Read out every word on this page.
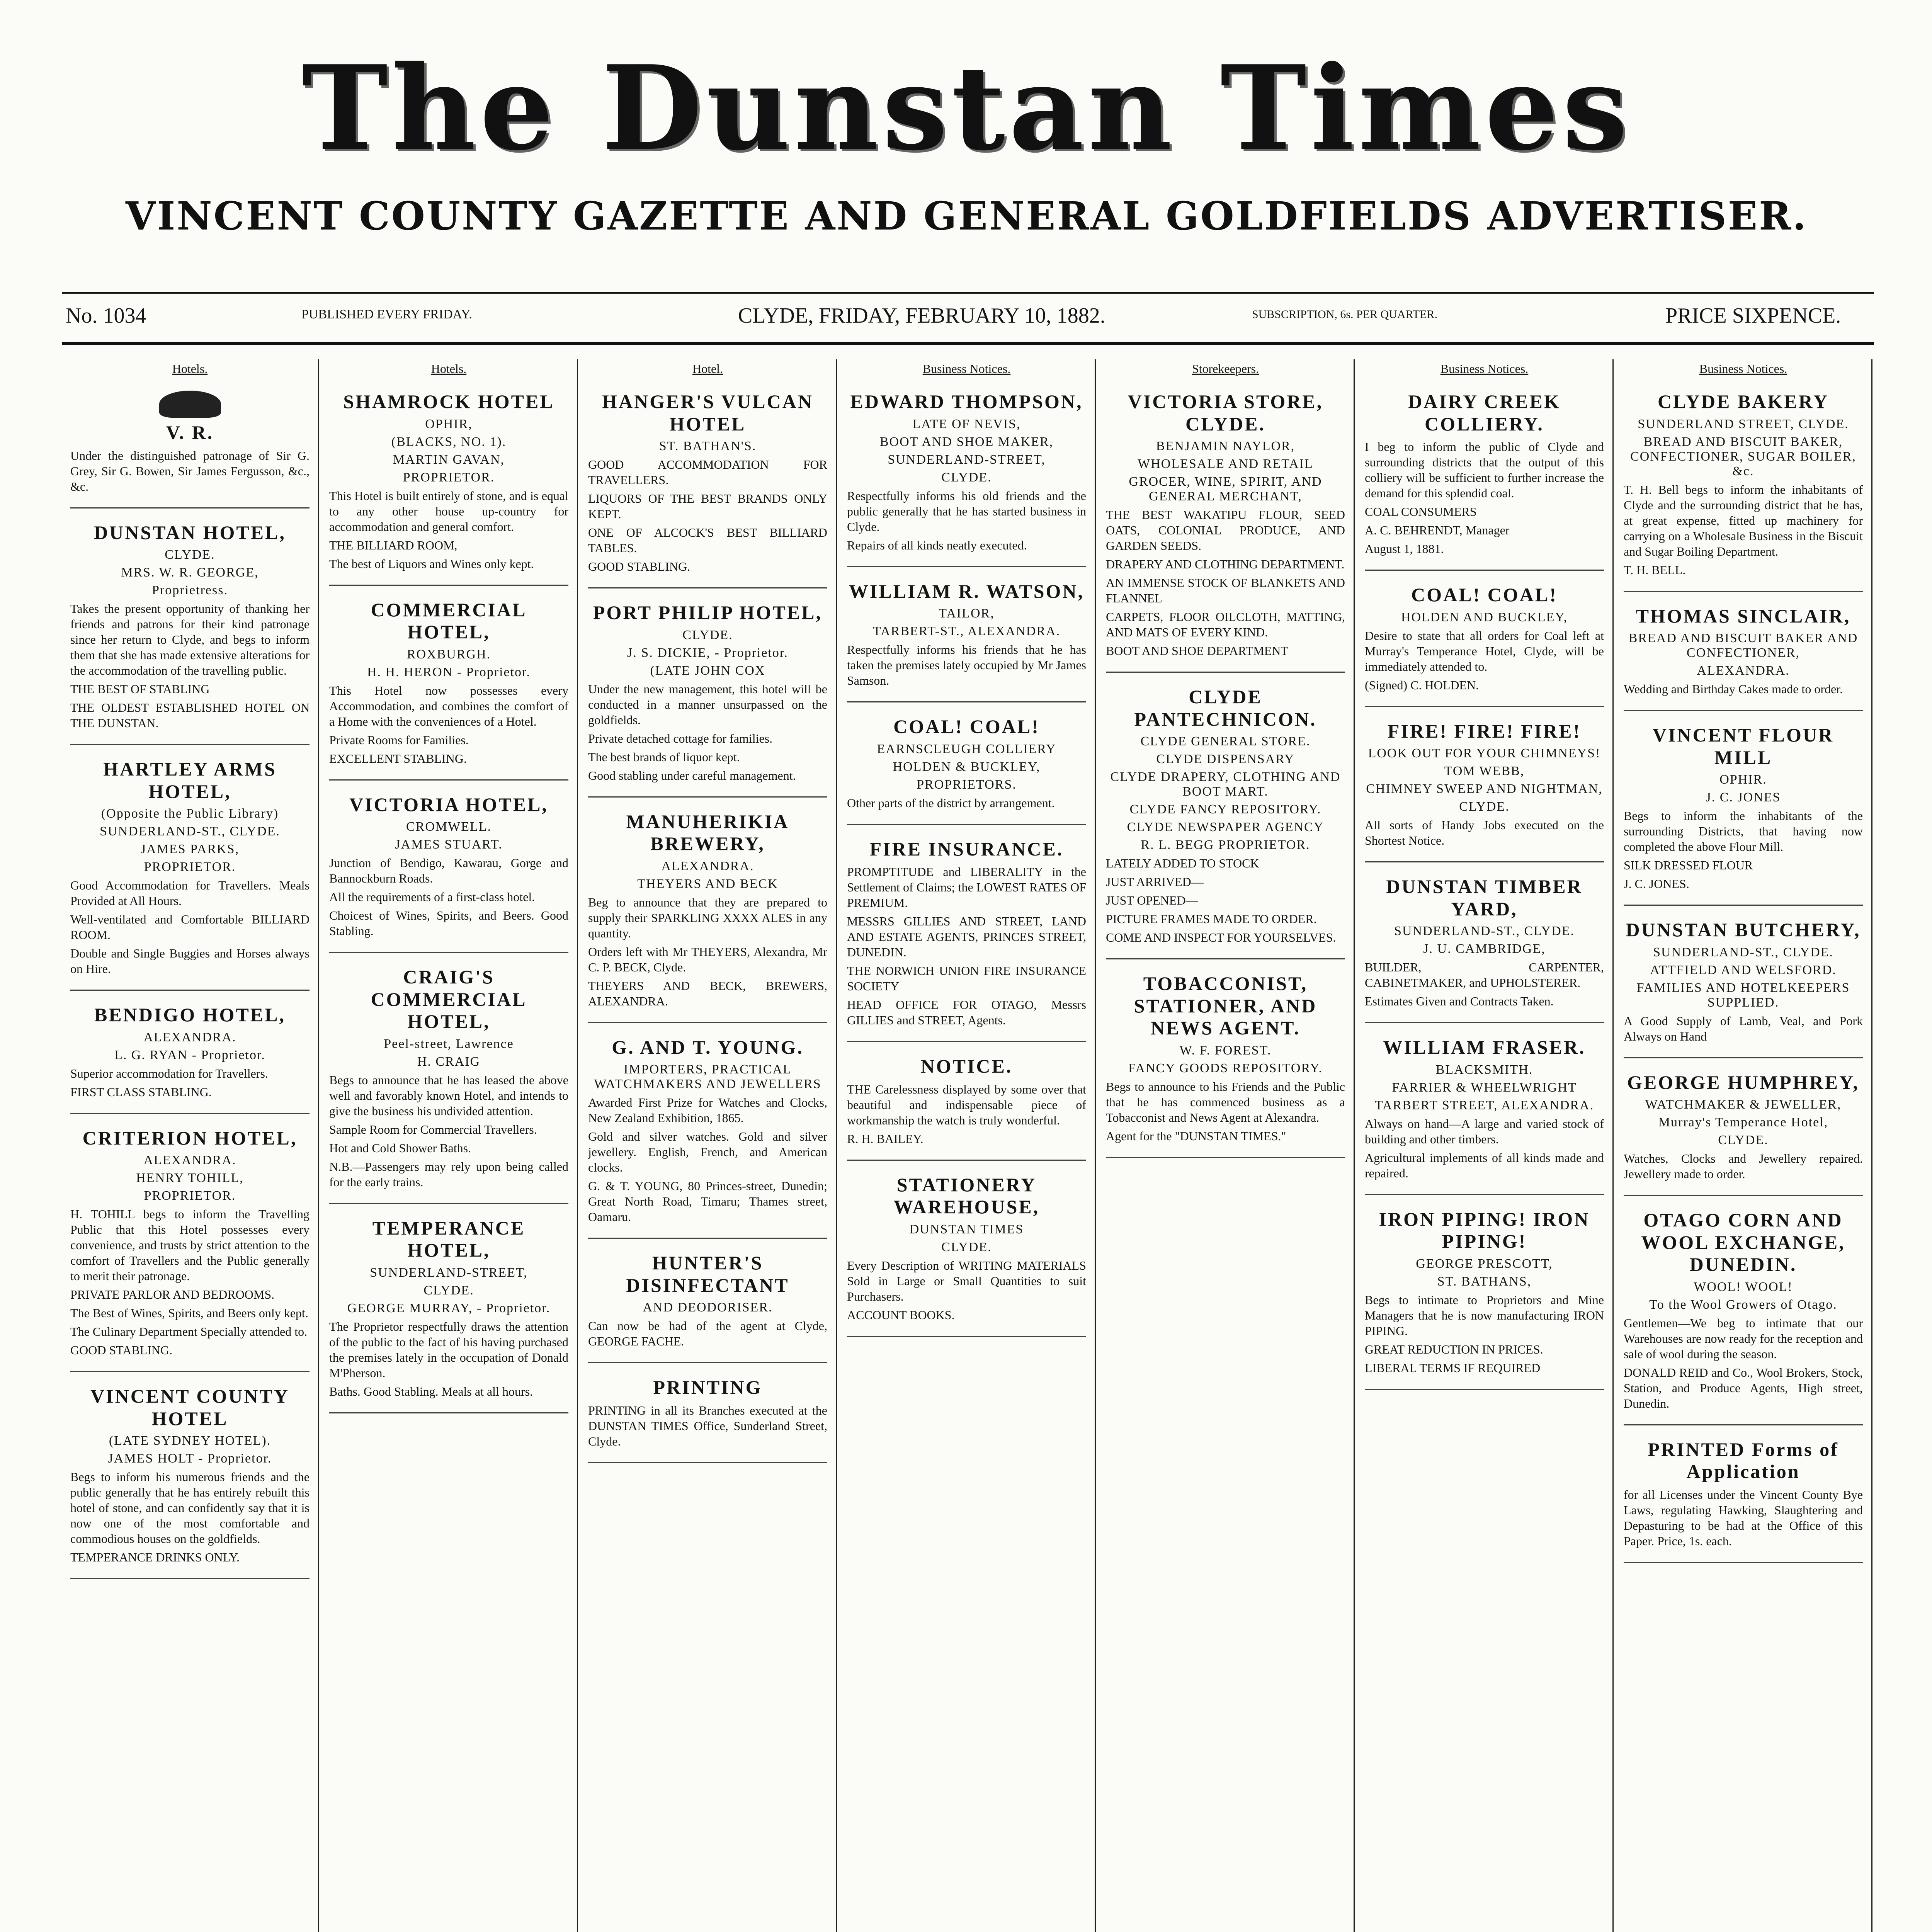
The Dunstan Times
VINCENT COUNTY GAZETTE AND GENERAL GOLDFIELDS ADVERTISER.
No. 1034	PUBLISHED EVERY FRIDAY.	CLYDE, FRIDAY, FEBRUARY 10, 1882.	SUBSCRIPTION, 6s. PER QUARTER.	PRICE SIXPENCE.
Hotels.
V. R.

Under the distinguished patronage of Sir G. Grey, Sir G. Bowen, Sir James Fergusson, &c., &c.

DUNSTAN HOTEL,
CLYDE.
MRS. W. R. GEORGE,
Proprietress.

Takes the present opportunity of thanking her friends and patrons for their kind patronage since her return to Clyde, and begs to inform them that she has made extensive alterations for the accommodation of the travelling public.

THE BEST OF STABLING

THE OLDEST ESTABLISHED HOTEL ON THE DUNSTAN.

HARTLEY ARMS HOTEL,
(Opposite the Public Library)
SUNDERLAND-ST., CLYDE.
JAMES PARKS,
PROPRIETOR.

Good Accommodation for Travellers. Meals Provided at All Hours.

Well-ventilated and Comfortable BILLIARD ROOM.

Double and Single Buggies and Horses always on Hire.

BENDIGO HOTEL,
ALEXANDRA.
L. G. RYAN - Proprietor.

Superior accommodation for Travellers.

FIRST CLASS STABLING.

CRITERION HOTEL,
ALEXANDRA.
HENRY TOHILL,
PROPRIETOR.

H. TOHILL begs to inform the Travelling Public that this Hotel possesses every convenience, and trusts by strict attention to the comfort of Travellers and the Public generally to merit their patronage.

PRIVATE PARLOR AND BEDROOMS.

The Best of Wines, Spirits, and Beers only kept.

The Culinary Department Specially attended to.

GOOD STABLING.

VINCENT COUNTY HOTEL
(LATE SYDNEY HOTEL).
JAMES HOLT - Proprietor.

Begs to inform his numerous friends and the public generally that he has entirely rebuilt this hotel of stone, and can confidently say that it is now one of the most comfortable and commodious houses on the goldfields.

TEMPERANCE DRINKS ONLY.

Hotels.
SHAMROCK HOTEL
OPHIR,
(BLACKS, NO. 1).
MARTIN GAVAN,
PROPRIETOR.

This Hotel is built entirely of stone, and is equal to any other house up-country for accommodation and general comfort.

THE BILLIARD ROOM,

The best of Liquors and Wines only kept.

COMMERCIAL HOTEL,
ROXBURGH.
H. H. HERON - Proprietor.

This Hotel now possesses every Accommodation, and combines the comfort of a Home with the conveniences of a Hotel.

Private Rooms for Families.

EXCELLENT STABLING.

VICTORIA HOTEL,
CROMWELL.
JAMES STUART.

Junction of Bendigo, Kawarau, Gorge and Bannockburn Roads.

All the requirements of a first-class hotel.

Choicest of Wines, Spirits, and Beers. Good Stabling.

CRAIG'S COMMERCIAL HOTEL,
Peel-street, Lawrence
H. CRAIG

Begs to announce that he has leased the above well and favorably known Hotel, and intends to give the business his undivided attention.

Sample Room for Commercial Travellers.

Hot and Cold Shower Baths.

N.B.—Passengers may rely upon being called for the early trains.

TEMPERANCE HOTEL,
SUNDERLAND-STREET,
CLYDE.
GEORGE MURRAY, - Proprietor.

The Proprietor respectfully draws the attention of the public to the fact of his having purchased the premises lately in the occupation of Donald M'Pherson.

Baths. Good Stabling. Meals at all hours.

Hotel.
HANGER'S VULCAN HOTEL
ST. BATHAN'S.

GOOD ACCOMMODATION FOR TRAVELLERS.

LIQUORS OF THE BEST BRANDS ONLY KEPT.

ONE OF ALCOCK'S BEST BILLIARD TABLES.

GOOD STABLING.

PORT PHILIP HOTEL,
CLYDE.
J. S. DICKIE, - Proprietor.
(LATE JOHN COX

Under the new management, this hotel will be conducted in a manner unsurpassed on the goldfields.

Private detached cottage for families.

The best brands of liquor kept.

Good stabling under careful management.

MANUHERIKIA BREWERY,
ALEXANDRA.
THEYERS AND BECK

Beg to announce that they are prepared to supply their SPARKLING XXXX ALES in any quantity.

Orders left with Mr THEYERS, Alexandra, Mr C. P. BECK, Clyde.

THEYERS AND BECK, BREWERS, ALEXANDRA.

G. AND T. YOUNG.
IMPORTERS, PRACTICAL WATCHMAKERS AND JEWELLERS

Awarded First Prize for Watches and Clocks, New Zealand Exhibition, 1865.

Gold and silver watches. Gold and silver jewellery. English, French, and American clocks.

G. & T. YOUNG, 80 Princes-street, Dunedin; Great North Road, Timaru; Thames street, Oamaru.

HUNTER'S DISINFECTANT
AND DEODORISER.

Can now be had of the agent at Clyde, GEORGE FACHE.

PRINTING

PRINTING in all its Branches executed at the DUNSTAN TIMES Office, Sunderland Street, Clyde.

Business Notices.
EDWARD THOMPSON,
LATE OF NEVIS,
BOOT AND SHOE MAKER,
SUNDERLAND-STREET,
CLYDE.

Respectfully informs his old friends and the public generally that he has started business in Clyde.

Repairs of all kinds neatly executed.

WILLIAM R. WATSON,
TAILOR,
TARBERT-ST., ALEXANDRA.

Respectfully informs his friends that he has taken the premises lately occupied by Mr James Samson.

COAL! COAL!
EARNSCLEUGH COLLIERY
HOLDEN & BUCKLEY,
PROPRIETORS.

Other parts of the district by arrangement.

FIRE INSURANCE.

PROMPTITUDE and LIBERALITY in the Settlement of Claims; the LOWEST RATES OF PREMIUM.

MESSRS GILLIES AND STREET, LAND AND ESTATE AGENTS, PRINCES STREET, DUNEDIN.

THE NORWICH UNION FIRE INSURANCE SOCIETY

HEAD OFFICE FOR OTAGO, Messrs GILLIES and STREET, Agents.

NOTICE.

THE Carelessness displayed by some over that beautiful and indispensable piece of workmanship the watch is truly wonderful.

R. H. BAILEY.

STATIONERY WAREHOUSE,
DUNSTAN TIMES
CLYDE.

Every Description of WRITING MATERIALS Sold in Large or Small Quantities to suit Purchasers.

ACCOUNT BOOKS.

Storekeepers.
VICTORIA STORE, CLYDE.
BENJAMIN NAYLOR,
WHOLESALE AND RETAIL
GROCER, WINE, SPIRIT, AND GENERAL MERCHANT,

THE BEST WAKATIPU FLOUR, SEED OATS, COLONIAL PRODUCE, AND GARDEN SEEDS.

DRAPERY AND CLOTHING DEPARTMENT.

AN IMMENSE STOCK OF BLANKETS AND FLANNEL

CARPETS, FLOOR OILCLOTH, MATTING, AND MATS OF EVERY KIND.

BOOT AND SHOE DEPARTMENT

CLYDE PANTECHNICON.
CLYDE GENERAL STORE.
CLYDE DISPENSARY
CLYDE DRAPERY, CLOTHING AND BOOT MART.
CLYDE FANCY REPOSITORY.
CLYDE NEWSPAPER AGENCY
R. L. BEGG PROPRIETOR.

LATELY ADDED TO STOCK

JUST ARRIVED—

JUST OPENED—

PICTURE FRAMES MADE TO ORDER.

COME AND INSPECT FOR YOURSELVES.

TOBACCONIST, STATIONER, AND NEWS AGENT.
W. F. FOREST.
FANCY GOODS REPOSITORY.

Begs to announce to his Friends and the Public that he has commenced business as a Tobacconist and News Agent at Alexandra.

Agent for the "DUNSTAN TIMES."

Business Notices.
DAIRY CREEK COLLIERY.

I beg to inform the public of Clyde and surrounding districts that the output of this colliery will be sufficient to further increase the demand for this splendid coal.

COAL CONSUMERS

A. C. BEHRENDT, Manager

August 1, 1881.

COAL! COAL!
HOLDEN AND BUCKLEY,

Desire to state that all orders for Coal left at Murray's Temperance Hotel, Clyde, will be immediately attended to.

(Signed) C. HOLDEN.

FIRE! FIRE! FIRE!
LOOK OUT FOR YOUR CHIMNEYS!
TOM WEBB,
CHIMNEY SWEEP AND NIGHTMAN,
CLYDE.

All sorts of Handy Jobs executed on the Shortest Notice.

DUNSTAN TIMBER YARD,
SUNDERLAND-ST., CLYDE.
J. U. CAMBRIDGE,

BUILDER, CARPENTER, CABINETMAKER, and UPHOLSTERER.

Estimates Given and Contracts Taken.

WILLIAM FRASER.
BLACKSMITH.
FARRIER & WHEELWRIGHT
TARBERT STREET, ALEXANDRA.

Always on hand—A large and varied stock of building and other timbers.

Agricultural implements of all kinds made and repaired.

IRON PIPING! IRON PIPING!
GEORGE PRESCOTT,
ST. BATHANS,

Begs to intimate to Proprietors and Mine Managers that he is now manufacturing IRON PIPING.

GREAT REDUCTION IN PRICES.

LIBERAL TERMS IF REQUIRED

Business Notices.
CLYDE BAKERY
SUNDERLAND STREET, CLYDE.
BREAD AND BISCUIT BAKER, CONFECTIONER, SUGAR BOILER, &c.

T. H. Bell begs to inform the inhabitants of Clyde and the surrounding district that he has, at great expense, fitted up machinery for carrying on a Wholesale Business in the Biscuit and Sugar Boiling Department.

T. H. BELL.

THOMAS SINCLAIR,
BREAD AND BISCUIT BAKER AND CONFECTIONER,
ALEXANDRA.

Wedding and Birthday Cakes made to order.

VINCENT FLOUR MILL
OPHIR.
J. C. JONES

Begs to inform the inhabitants of the surrounding Districts, that having now completed the above Flour Mill.

SILK DRESSED FLOUR

J. C. JONES.

DUNSTAN BUTCHERY,
SUNDERLAND-ST., CLYDE.
ATTFIELD AND WELSFORD.
FAMILIES AND HOTELKEEPERS SUPPLIED.

A Good Supply of Lamb, Veal, and Pork Always on Hand

GEORGE HUMPHREY,
WATCHMAKER & JEWELLER,
Murray's Temperance Hotel,
CLYDE.

Watches, Clocks and Jewellery repaired. Jewellery made to order.

OTAGO CORN AND WOOL EXCHANGE, DUNEDIN.
WOOL! WOOL!
To the Wool Growers of Otago.

Gentlemen—We beg to intimate that our Warehouses are now ready for the reception and sale of wool during the season.

DONALD REID and Co., Wool Brokers, Stock, Station, and Produce Agents, High street, Dunedin.

PRINTED Forms of Application

for all Licenses under the Vincent County Bye Laws, regulating Hawking, Slaughtering and Depasturing to be had at the Office of this Paper. Price, 1s. each.
